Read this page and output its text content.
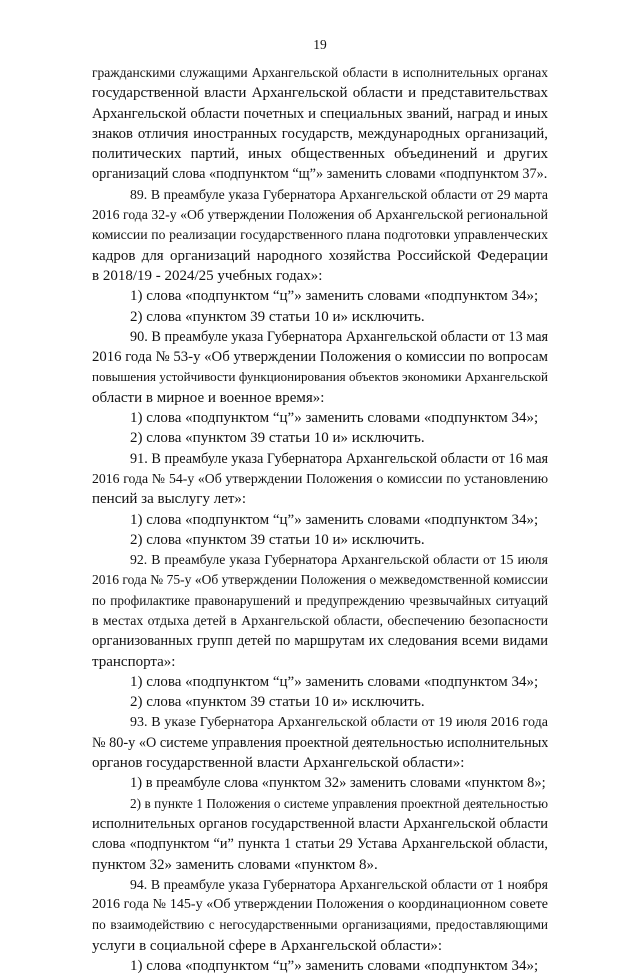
19
гражданскими служащими Архангельской области в исполнительных органах
государственной власти Архангельской области и представительствах
Архангельской области почетных и специальных званий, наград и иных
знаков отличия иностранных государств, международных организаций,
политических партий, иных общественных объединений и других
организаций слова «подпунктом “щ”» заменить словами «подпунктом 37».
89. В преамбуле указа Губернатора Архангельской области от 29 марта
2016 года 32-у «Об утверждении Положения об Архангельской региональной
комиссии по реализации государственного плана подготовки управленческих
кадров для организаций народного хозяйства Российской Федерации
в 2018/19 - 2024/25 учебных годах»:
1) слова «подпунктом “ц”» заменить словами «подпунктом 34»;
2) слова «пунктом 39 статьи 10 и» исключить.
90. В преамбуле указа Губернатора Архангельской области от 13 мая
2016 года № 53-у «Об утверждении Положения о комиссии по вопросам
повышения устойчивости функционирования объектов экономики Архангельской
области в мирное и военное время»:
1) слова «подпунктом “ц”» заменить словами «подпунктом 34»;
2) слова «пунктом 39 статьи 10 и» исключить.
91. В преамбуле указа Губернатора Архангельской области от 16 мая
2016 года № 54-у «Об утверждении Положения о комиссии по установлению
пенсий за выслугу лет»:
1) слова «подпунктом “ц”» заменить словами «подпунктом 34»;
2) слова «пунктом 39 статьи 10 и» исключить.
92. В преамбуле указа Губернатора Архангельской области от 15 июля
2016 года № 75-у «Об утверждении Положения о межведомственной комиссии
по профилактике правонарушений и предупреждению чрезвычайных ситуаций
в местах отдыха детей в Архангельской области, обеспечению безопасности
организованных групп детей по маршрутам их следования всеми видами
транспорта»:
1) слова «подпунктом “ц”» заменить словами «подпунктом 34»;
2) слова «пунктом 39 статьи 10 и» исключить.
93. В указе Губернатора Архангельской области от 19 июля 2016 года
№ 80-у «О системе управления проектной деятельностью исполнительных
органов государственной власти Архангельской области»:
1) в преамбуле слова «пунктом 32» заменить словами «пунктом 8»;
2) в пункте 1 Положения о системе управления проектной деятельностью
исполнительных органов государственной власти Архангельской области
слова «подпунктом “и” пункта 1 статьи 29 Устава Архангельской области,
пунктом 32» заменить словами «пунктом 8».
94. В преамбуле указа Губернатора Архангельской области от 1 ноября
2016 года № 145-у «Об утверждении Положения о координационном совете
по взаимодействию с негосударственными организациями, предоставляющими
услуги в социальной сфере в Архангельской области»:
1) слова «подпунктом “ц”» заменить словами «подпунктом 34»;
